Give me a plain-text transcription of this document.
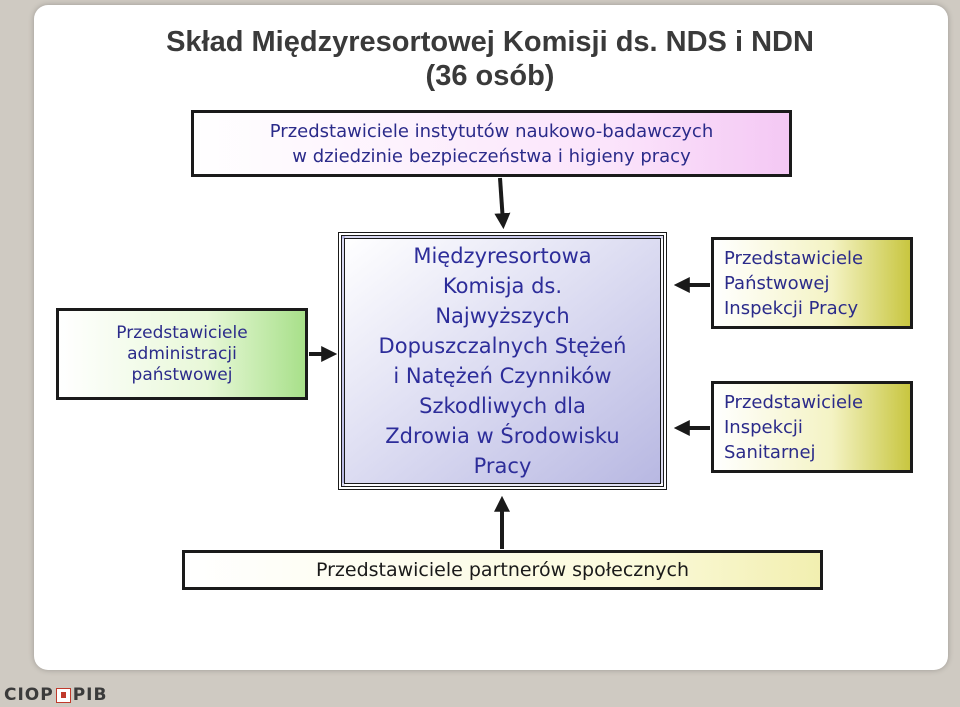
Skład Międzyresortowej Komisji ds. NDS i NDN
(36 osób)
Przedstawiciele instytutów naukowo-badawczych
w dziedzinie bezpieczeństwa i higieny pracy
Przedstawiciele
administracji
państwowej
Międzyresortowa
Komisja ds.
Najwyższych
Dopuszczalnych Stężeń
i Natężeń Czynników
Szkodliwych dla
Zdrowia w Środowisku
Pracy
Przedstawiciele
Państwowej
Inspekcji Pracy
Przedstawiciele
Inspekcji
Sanitarnej
Przedstawiciele partnerów społecznych
CIOP PIB
